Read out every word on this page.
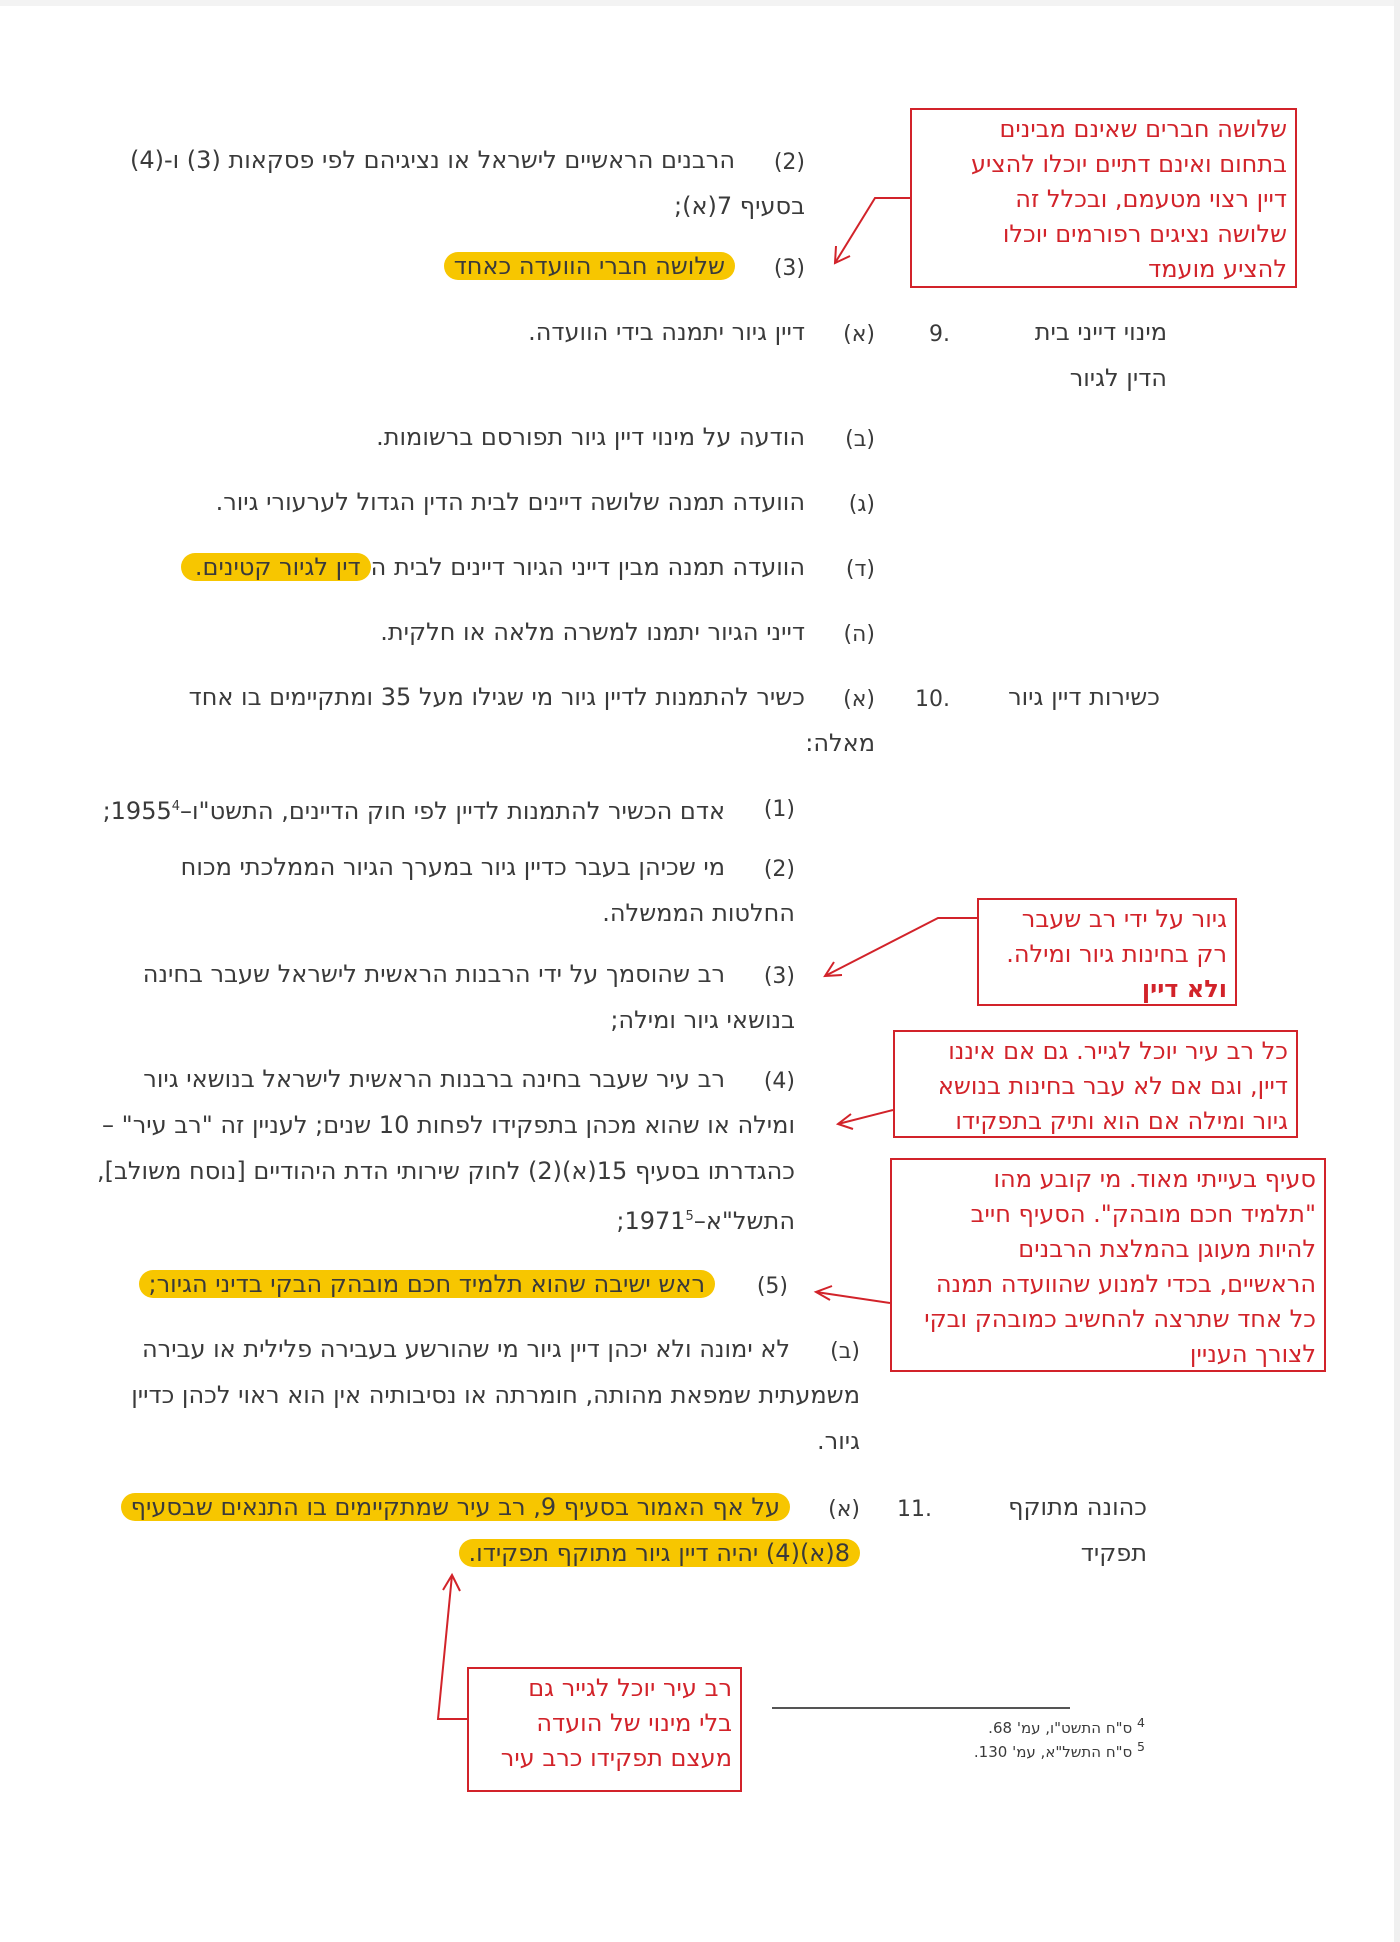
(2)
הרבנים הראשיים לישראל או נציגיהם לפי פסקאות (3) ו-(4)
בסעיף 7(א);
(3)
שלושה חברי הוועדה כאחד
מינוי דייני בית
הדין לגיור
.9
(א)
דיין גיור יתמנה בידי הוועדה.
(ב)
הודעה על מינוי דיין גיור תפורסם ברשומות.
(ג)
הוועדה תמנה שלושה דיינים לבית הדין הגדול לערעורי גיור.
(ד)
הוועדה תמנה מבין דייני הגיור דיינים לבית הדין לגיור קטינים.
(ה)
דייני הגיור יתמנו למשרה מלאה או חלקית.
כשירות דיין גיור
.10
(א)
כשיר להתמנות לדיין גיור מי שגילו מעל 35 ומתקיימים בו אחד
מאלה:
(1)
אדם הכשיר להתמנות לדיין לפי חוק הדיינים, התשט"ו–1955$^4$;
(2)
מי שכיהן בעבר כדיין גיור במערך הגיור הממלכתי מכוח
החלטות הממשלה.
(3)
רב שהוסמך על ידי הרבנות הראשית לישראל שעבר בחינה
בנושאי גיור ומילה;
(4)
רב עיר שעבר בחינה ברבנות הראשית לישראל בנושאי גיור
ומילה או שהוא מכהן בתפקידו לפחות 10 שנים; לעניין זה "רב עיר" –
כהגדרתו בסעיף 15(א)(2) לחוק שירותי הדת היהודיים [נוסח משולב],
התשל"א–1971$^5$;
(5)
ראש ישיבה שהוא תלמיד חכם מובהק הבקי בדיני הגיור;
(ב)
לא ימונה ולא יכהן דיין גיור מי שהורשע בעבירה פלילית או עבירה
משמעתית שמפאת מהותה, חומרתה או נסיבותיה אין הוא ראוי לכהן כדיין
גיור.
כהונה מתוקף
תפקיד
.11
(א)
על אף האמור בסעיף 9, רב עיר שמתקיימים בו התנאים שבסעיף
8(א)(4) יהיה דיין גיור מתוקף תפקידו.
$^4$ ס"ח התשט"ו, עמ' 68.
$^5$ ס"ח התשל"א, עמ' 130.
שלושה חברים שאינם מבינים
בתחום ואינם דתיים יוכלו להציע
דיין רצוי מטעמם, ובכלל זה
שלושה נציגים רפורמים יוכלו
להציע מועמד
גיור על ידי רב שעבר
רק בחינות גיור ומילה.
ולא דיין
כל רב עיר יוכל לגייר. גם אם איננו
דיין, וגם אם לא עבר בחינות בנושא
גיור ומילה אם הוא ותיק בתפקידו
סעיף בעייתי מאוד. מי קובע מהו
"תלמיד חכם מובהק". הסעיף חייב
להיות מעוגן בהמלצת הרבנים
הראשיים, בכדי למנוע שהוועדה תמנה
כל אחד שתרצה להחשיב כמובהק ובקי
לצורך העניין
רב עיר יוכל לגייר גם
בלי מינוי של הועדה
מעצם תפקידו כרב עיר
